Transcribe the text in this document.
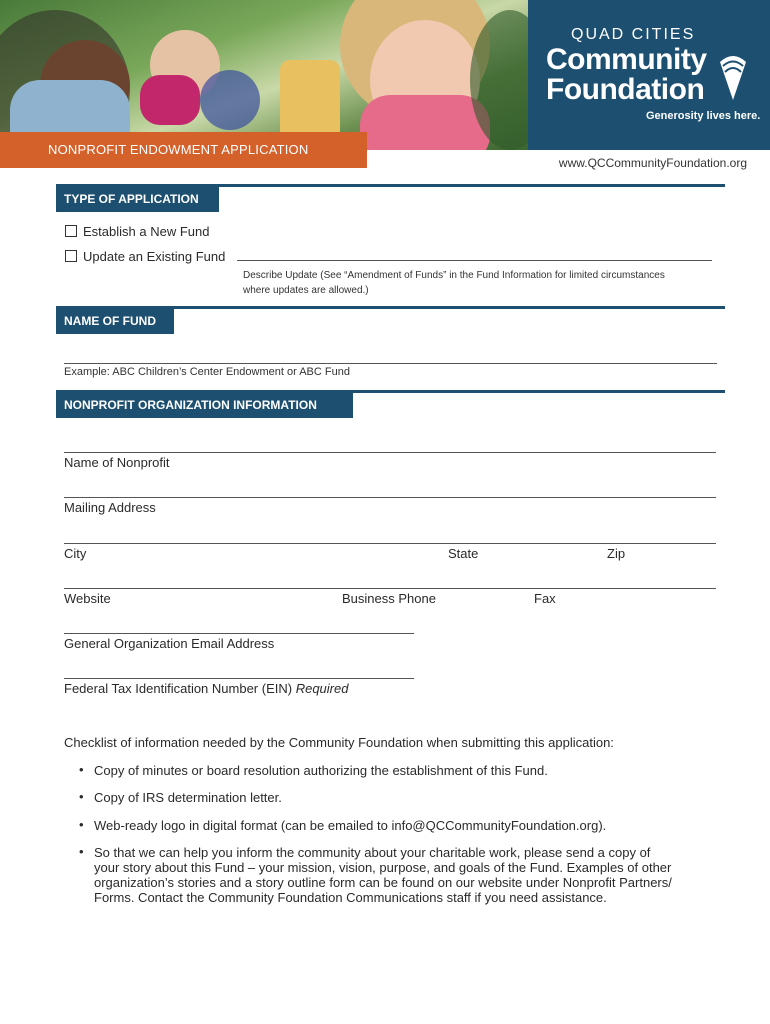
QUAD CITIES
Community
Foundation
Generosity lives here.
NONPROFIT ENDOWMENT APPLICATION
www.QCCommunityFoundation.org
TYPE OF APPLICATION
Establish a New Fund
Update an Existing Fund
Describe Update (See “Amendment of Funds” in the Fund Information for limited circumstances
where updates are allowed.)
NAME OF FUND
Example: ABC Children’s Center Endowment or ABC Fund
NONPROFIT ORGANIZATION INFORMATION
Name of Nonprofit
Mailing Address
City	State	Zip
Website	Business Phone	Fax
General Organization Email Address
Federal Tax Identification Number (EIN) Required
Checklist of information needed by the Community Foundation when submitting this application:
• Copy of minutes or board resolution authorizing the establishment of this Fund.
• Copy of IRS determination letter.
• Web-ready logo in digital format (can be emailed to info@QCCommunityFoundation.org).
• So that we can help you inform the community about your charitable work, please send a copy of
your story about this Fund – your mission, vision, purpose, and goals of the Fund. Examples of other
organization’s stories and a story outline form can be found on our website under Nonprofit Partners/
Forms. Contact the Community Foundation Communications staff if you need assistance.
